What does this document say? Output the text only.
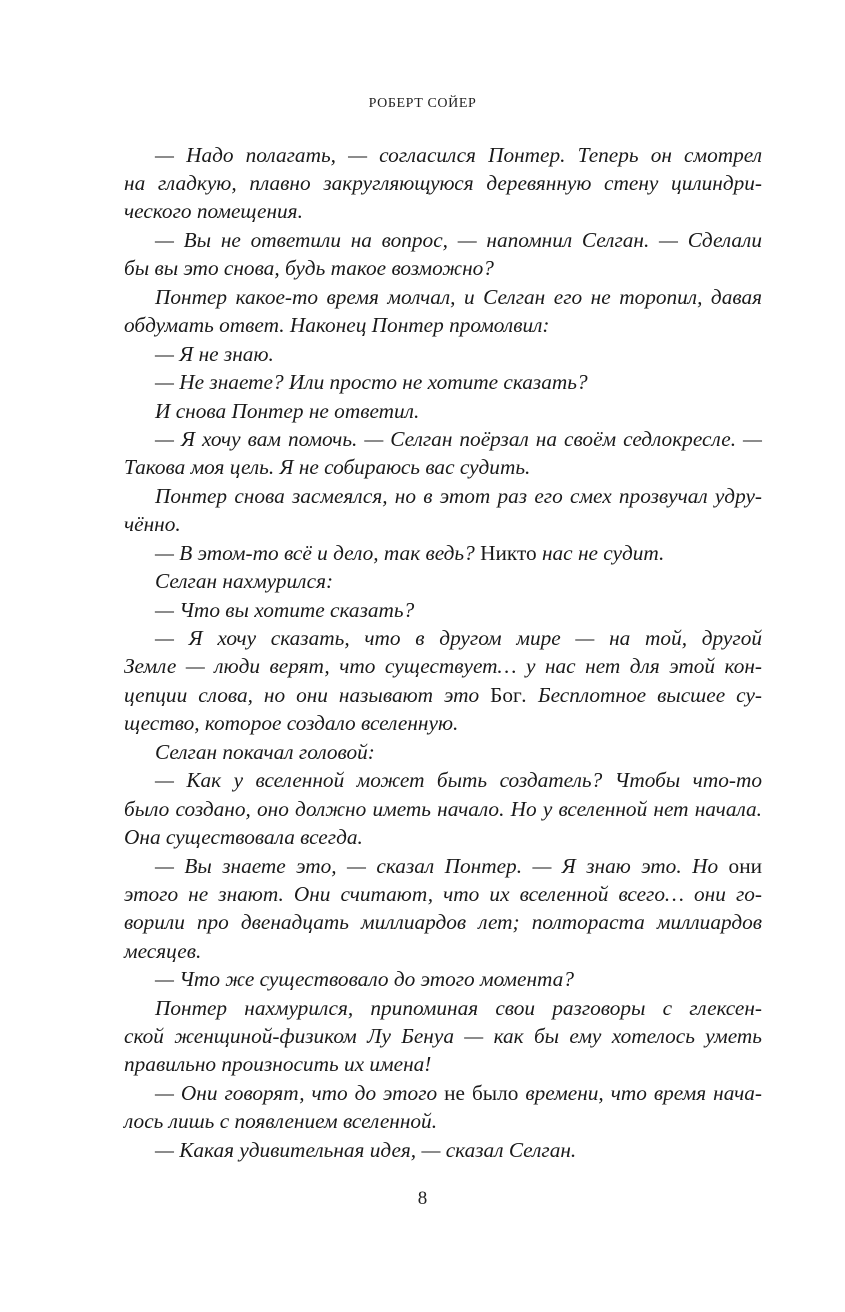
РОБЕРТ СОЙЕР
— Надо полагать, — согласился Понтер. Теперь он смотрел
на гладкую, плавно закругляющуюся деревянную стену цилиндри-
ческого помещения.
— Вы не ответили на вопрос, — напомнил Селган. — Сделали
бы вы это снова, будь такое возможно?
Понтер какое-то время молчал, и Селган его не торопил, давая
обдумать ответ. Наконец Понтер промолвил:
— Я не знаю.
— Не знаете? Или просто не хотите сказать?
И снова Понтер не ответил.
— Я хочу вам помочь. — Селган поёрзал на своём седлокресле. —
Такова моя цель. Я не собираюсь вас судить.
Понтер снова засмеялся, но в этот раз его смех прозвучал удру-
чённо.
— В этом-то всё и дело, так ведь? Никто нас не судит.
Селган нахмурился:
— Что вы хотите сказать?
— Я хочу сказать, что в другом мире — на той, другой
Земле — люди верят, что существует… у нас нет для этой кон-
цепции слова, но они называют это Бог. Бесплотное высшее су-
щество, которое создало вселенную.
Селган покачал головой:
— Как у вселенной может быть создатель? Чтобы что-то
было создано, оно должно иметь начало. Но у вселенной нет начала.
Она существовала всегда.
— Вы знаете это, — сказал Понтер. — Я знаю это. Но они
этого не знают. Они считают, что их вселенной всего… они го-
ворили про двенадцать миллиардов лет; полтораста миллиардов
месяцев.
— Что же существовало до этого момента?
Понтер нахмурился, припоминая свои разговоры с глексен-
ской женщиной-физиком Лу Бенуа — как бы ему хотелось уметь
правильно произносить их имена!
— Они говорят, что до этого не было времени, что время нача-
лось лишь с появлением вселенной.
— Какая удивительная идея, — сказал Селган.
8
